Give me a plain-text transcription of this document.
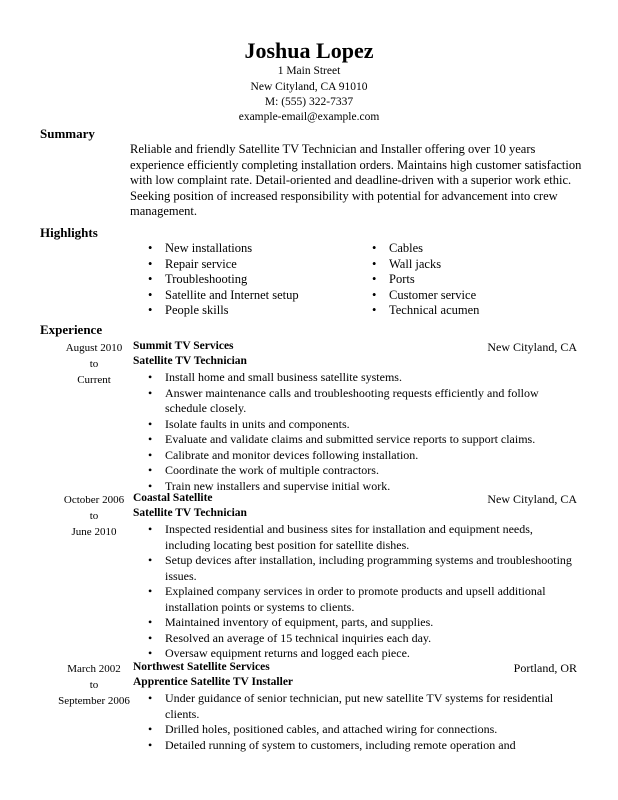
Joshua Lopez
1 Main Street
New Cityland, CA 91010
M: (555) 322-7337
example-email@example.com
Summary

Reliable and friendly Satellite TV Technician and Installer offering over 10 years experience efficiently completing installation orders. Maintains high customer satisfaction with low complaint rate. Detail-oriented and deadline-driven with a superior work ethic. Seeking position of increased responsibility with potential for advancement into crew management.

Highlights
• New installations
• Repair service
• Troubleshooting
• Satellite and Internet setup
• People skills
• Cables
• Wall jacks
• Ports
• Customer service
• Technical acumen
Experience
August 2010
to
Current
Summit TV Services	New Cityland, CA
Satellite TV Technician
• Install home and small business satellite systems.
• Answer maintenance calls and troubleshooting requests efficiently and follow schedule closely.
• Isolate faults in units and components.
• Evaluate and validate claims and submitted service reports to support claims.
• Calibrate and monitor devices following installation.
• Coordinate the work of multiple contractors.
• Train new installers and supervise initial work.
October 2006
to
June 2010
Coastal Satellite	New Cityland, CA
Satellite TV Technician
• Inspected residential and business sites for installation and equipment needs, including locating best position for satellite dishes.
• Setup devices after installation, including programming systems and troubleshooting issues.
• Explained company services in order to promote products and upsell additional installation points or systems to clients.
• Maintained inventory of equipment, parts, and supplies.
• Resolved an average of 15 technical inquiries each day.
• Oversaw equipment returns and logged each piece.
March 2002
to
September 2006
Northwest Satellite Services	Portland, OR
Apprentice Satellite TV Installer
• Under guidance of senior technician, put new satellite TV systems for residential clients.
• Drilled holes, positioned cables, and attached wiring for connections.
• Detailed running of system to customers, including remote operation and
